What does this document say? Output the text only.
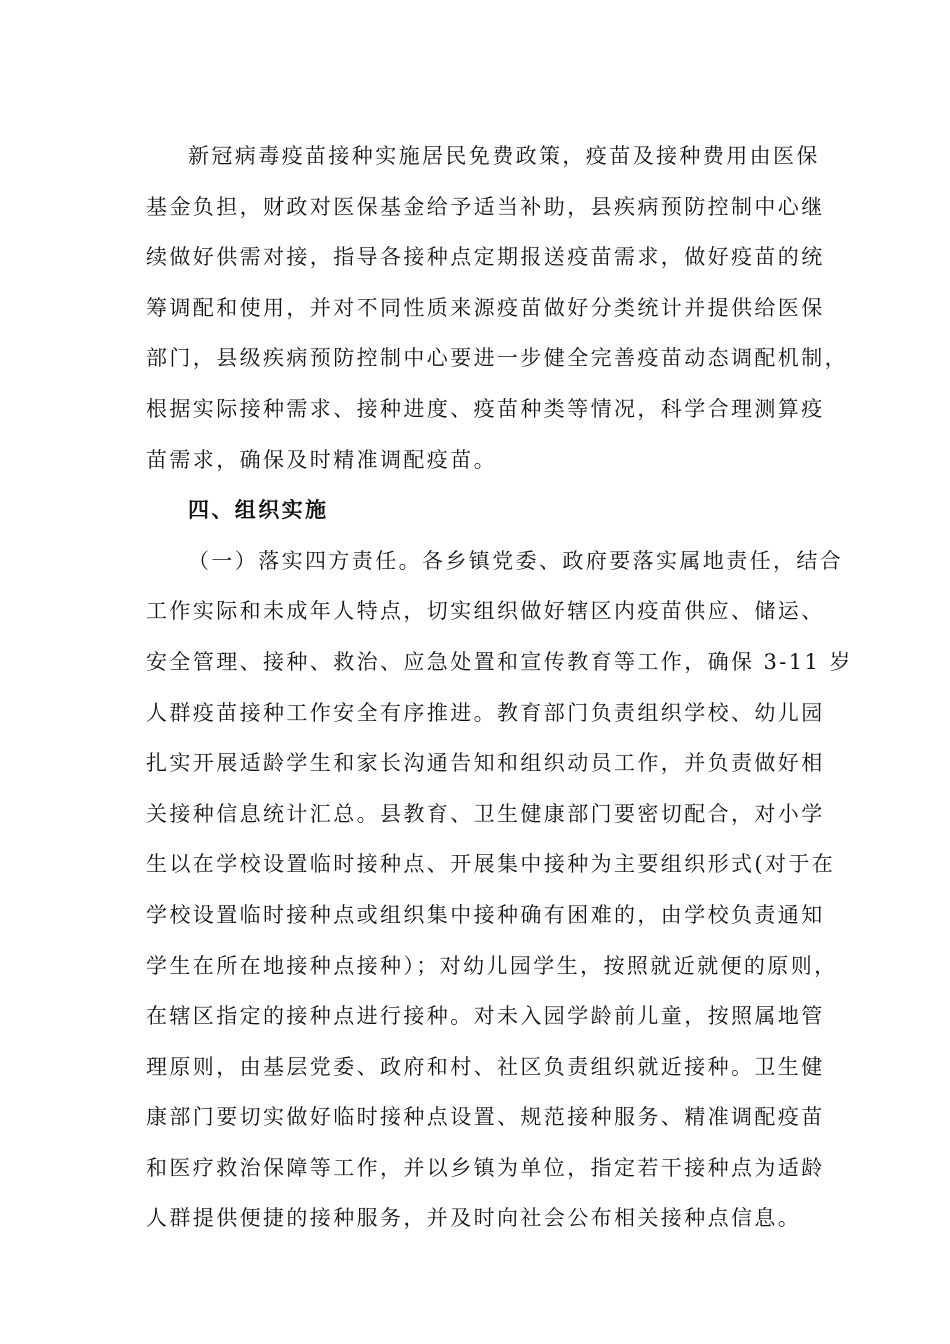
新冠病毒疫苗接种实施居民免费政策，疫苗及接种费用由医保
基金负担，财政对医保基金给予适当补助，县疾病预防控制中心继
续做好供需对接，指导各接种点定期报送疫苗需求，做好疫苗的统
筹调配和使用，并对不同性质来源疫苗做好分类统计并提供给医保
部门，县级疾病预防控制中心要进一步健全完善疫苗动态调配机制，
根据实际接种需求、接种进度、疫苗种类等情况，科学合理测算疫
苗需求，确保及时精准调配疫苗。
四、组织实施
（一）落实四方责任。各乡镇党委、政府要落实属地责任，结合
工作实际和未成年人特点，切实组织做好辖区内疫苗供应、储运、
安全管理、接种、救治、应急处置和宣传教育等工作，确保 3-11 岁
人群疫苗接种工作安全有序推进。教育部门负责组织学校、幼儿园
扎实开展适龄学生和家长沟通告知和组织动员工作，并负责做好相
关接种信息统计汇总。县教育、卫生健康部门要密切配合，对小学
生以在学校设置临时接种点、开展集中接种为主要组织形式(对于在
学校设置临时接种点或组织集中接种确有困难的，由学校负责通知
学生在所在地接种点接种）；对幼儿园学生，按照就近就便的原则，
在辖区指定的接种点进行接种。对未入园学龄前儿童，按照属地管
理原则，由基层党委、政府和村、社区负责组织就近接种。卫生健
康部门要切实做好临时接种点设置、规范接种服务、精准调配疫苗
和医疗救治保障等工作，并以乡镇为单位，指定若干接种点为适龄
人群提供便捷的接种服务，并及时向社会公布相关接种点信息。
